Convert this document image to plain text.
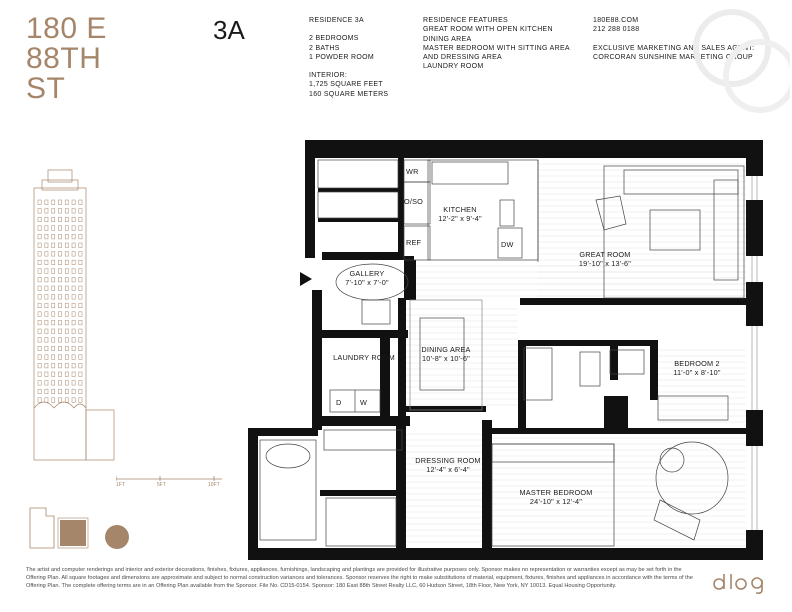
180 E
88TH
ST
3A	RESIDENCE 3A
2 BEDROOMS
2 BATHS
1 POWDER ROOM
INTERIOR:
1,725 SQUARE FEET
160 SQUARE METERS
RESIDENCE FEATURES
GREAT ROOM WITH OPEN KITCHEN
DINING AREA
MASTER BEDROOM WITH SITTING AREA
AND DRESSING AREA
LAUNDRY ROOM
180E88.COM
212 288 0188
EXCLUSIVE MARKETING AND SALES AGENT:
CORCORAN SUNSHINE MARKETING GROUP
1FT	5FT	10FT
WR
O/SO
REF	DW
KITCHEN
12'-2" x 9'-4"
GREAT ROOM
19'-10" x 13'-6"
GALLERY
7'-10" x 7'-0"
LAUNDRY ROOM
D	W
DINING AREA
10'-8" x 10'-6"
BEDROOM 2
11'-0" x 8'-10"
DRESSING ROOM
12'-4" x 6'-4"
MASTER BEDROOM
24'-10" x 12'-4"
The artist and computer renderings and interior and exterior decorations, finishes, fixtures, appliances, furnishings, landscaping and plantings are provided for illustrative purposes only. Sponsor makes no representation or warranties except as may be set forth in the Offering Plan. All square footages and dimensions are approximate and subject to normal construction variances and tolerances. Sponsor reserves the right to make substitutions of material, equipment, fixtures, finishes and appliances in accordance with the terms of the Offering Plan. The complete offering terms are in an Offering Plan available from the Sponsor. File No. CD15-0154. Sponsor: 180 East 88th Street Realty LLC, 60 Hudson Street, 18th Floor, New York, NY 10013. Equal Housing Opportunity.
